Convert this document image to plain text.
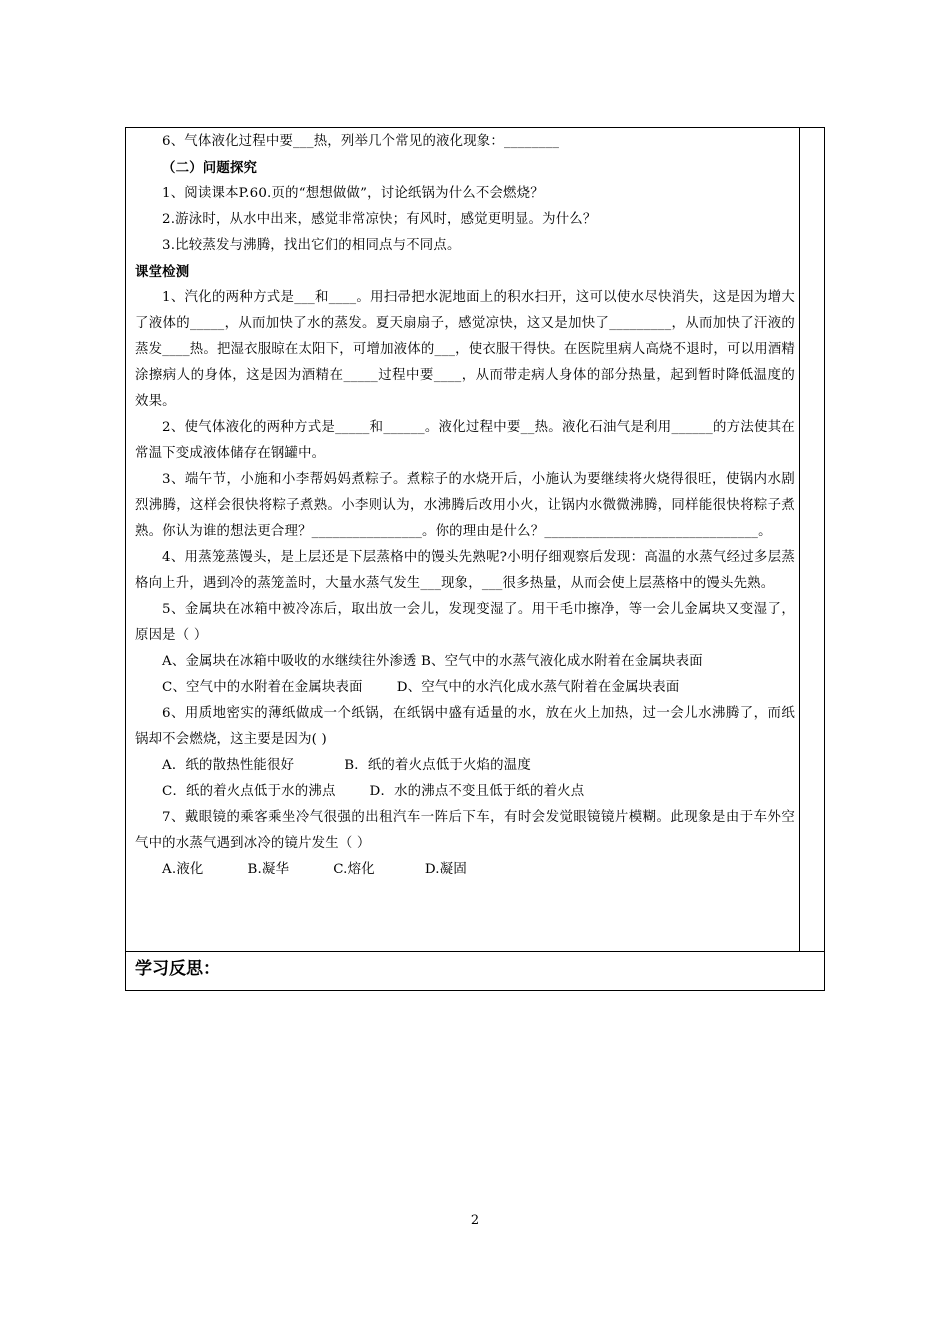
6、气体液化过程中要___热，列举几个常见的液化现象：________

（二）问题探究

1、阅读课本P.60.页的“想想做做”，讨论纸锅为什么不会燃烧？

2.游泳时，从水中出来，感觉非常凉快；有风时，感觉更明显。为什么？

3.比较蒸发与沸腾，找出它们的相同点与不同点。

课堂检测

1、汽化的两种方式是___和____。用扫帚把水泥地面上的积水扫开，这可以使水尽快消失，这是因为增大了液体的_____，从而加快了水的蒸发。夏天扇扇子，感觉凉快，这又是加快了_________，从而加快了汗液的蒸发____热。把湿衣服晾在太阳下，可增加液体的___，使衣服干得快。在医院里病人高烧不退时，可以用酒精涂擦病人的身体，这是因为酒精在_____过程中要____，从而带走病人身体的部分热量，起到暂时降低温度的效果。

2、使气体液化的两种方式是_____和______。液化过程中要__热。液化石油气是利用______的方法使其在常温下变成液体储存在钢罐中。

3、端午节，小施和小李帮妈妈煮粽子。煮粽子的水烧开后，小施认为要继续将火烧得很旺，使锅内水剧烈沸腾，这样会很快将粽子煮熟。小李则认为，水沸腾后改用小火，让锅内水微微沸腾，同样能很快将粽子煮熟。你认为谁的想法更合理？________________。你的理由是什么？_______________________________。

4、用蒸笼蒸馒头，是上层还是下层蒸格中的馒头先熟呢?小明仔细观察后发现：高温的水蒸气经过多层蒸格向上升，遇到冷的蒸笼盖时，大量水蒸气发生___现象，___很多热量，从而会使上层蒸格中的馒头先熟。

5、金属块在冰箱中被冷冻后，取出放一会儿，发现变湿了。用干毛巾擦净，等一会儿金属块又变湿了，原因是（ ）

A、金属块在冰箱中吸收的水继续往外渗透 B、空气中的水蒸气液化成水附着在金属块表面

C、空气中的水附着在金属块表面	D、空气中的水汽化成水蒸气附着在金属块表面

6、用质地密实的薄纸做成一个纸锅，在纸锅中盛有适量的水，放在火上加热，过一会儿水沸腾了，而纸锅却不会燃烧，这主要是因为( )

A．纸的散热性能很好	B．纸的着火点低于火焰的温度

C．纸的着火点低于水的沸点	D．水的沸点不变且低于纸的着火点

7、戴眼镜的乘客乘坐冷气很强的出租汽车一阵后下车，有时会发觉眼镜镜片模糊。此现象是由于车外空气中的水蒸气遇到冰冷的镜片发生（ ）

A.液化	B.凝华	C.熔化	D.凝固

学习反思：
2
